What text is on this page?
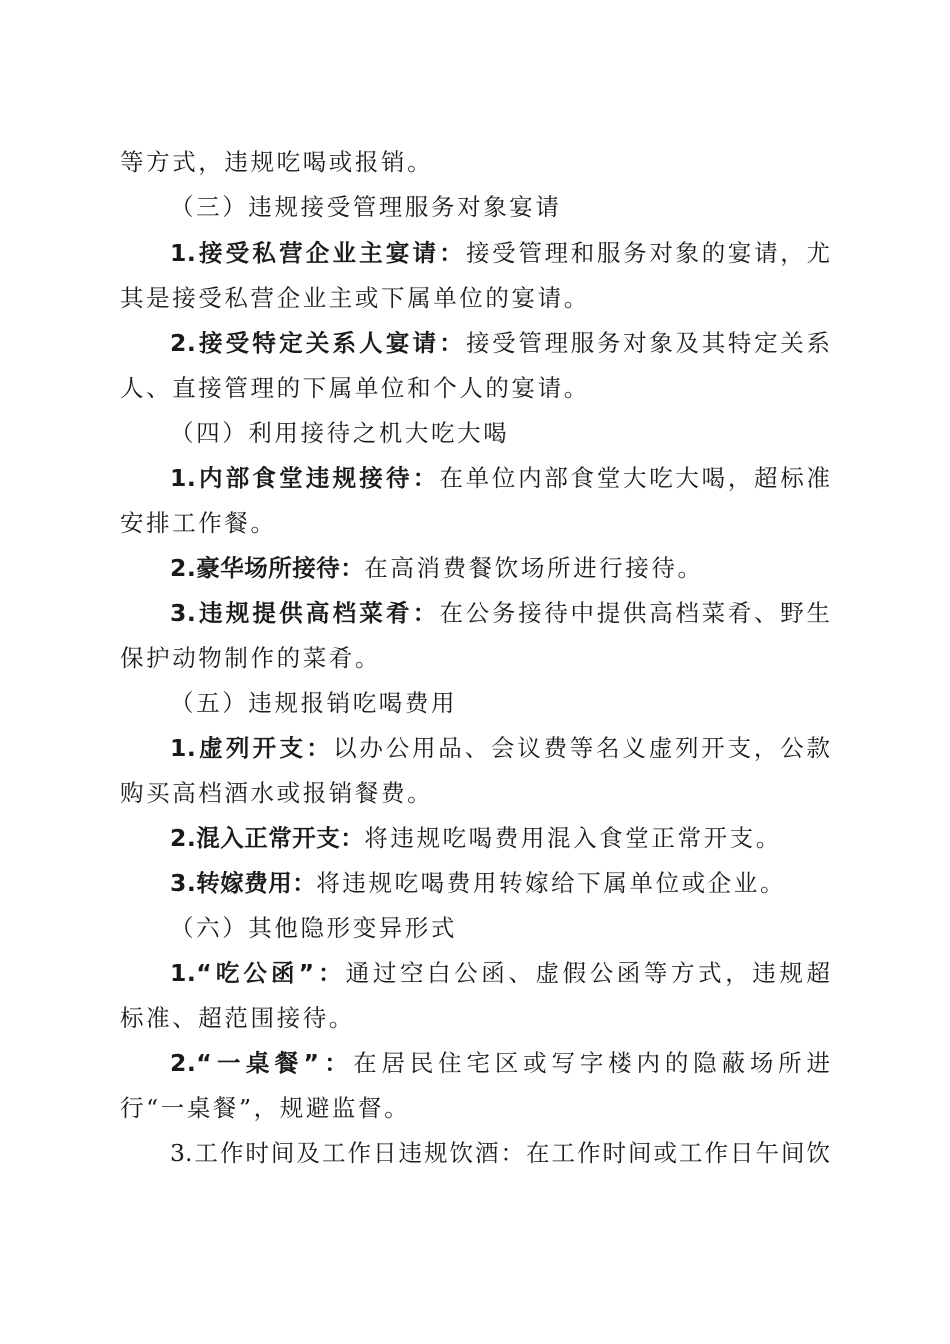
等方式，违规吃喝或报销。
（三）违规接受管理服务对象宴请
1.接受私营企业主宴请：接受管理和服务对象的宴请，尤
其是接受私营企业主或下属单位的宴请。
2.接受特定关系人宴请：接受管理服务对象及其特定关系
人、直接管理的下属单位和个人的宴请。
（四）利用接待之机大吃大喝
1.内部食堂违规接待：在单位内部食堂大吃大喝，超标准
安排工作餐。
2.豪华场所接待：在高消费餐饮场所进行接待。
3.违规提供高档菜肴：在公务接待中提供高档菜肴、野生
保护动物制作的菜肴。
（五）违规报销吃喝费用
1.虚列开支：以办公用品、会议费等名义虚列开支，公款
购买高档酒水或报销餐费。
2.混入正常开支：将违规吃喝费用混入食堂正常开支。
3.转嫁费用：将违规吃喝费用转嫁给下属单位或企业。
（六）其他隐形变异形式
1.“吃公函”：通过空白公函、虚假公函等方式，违规超
标准、超范围接待。
2.“一桌餐”：在居民住宅区或写字楼内的隐蔽场所进
行“一桌餐”，规避监督。
3.工作时间及工作日违规饮酒：在工作时间或工作日午间饮
